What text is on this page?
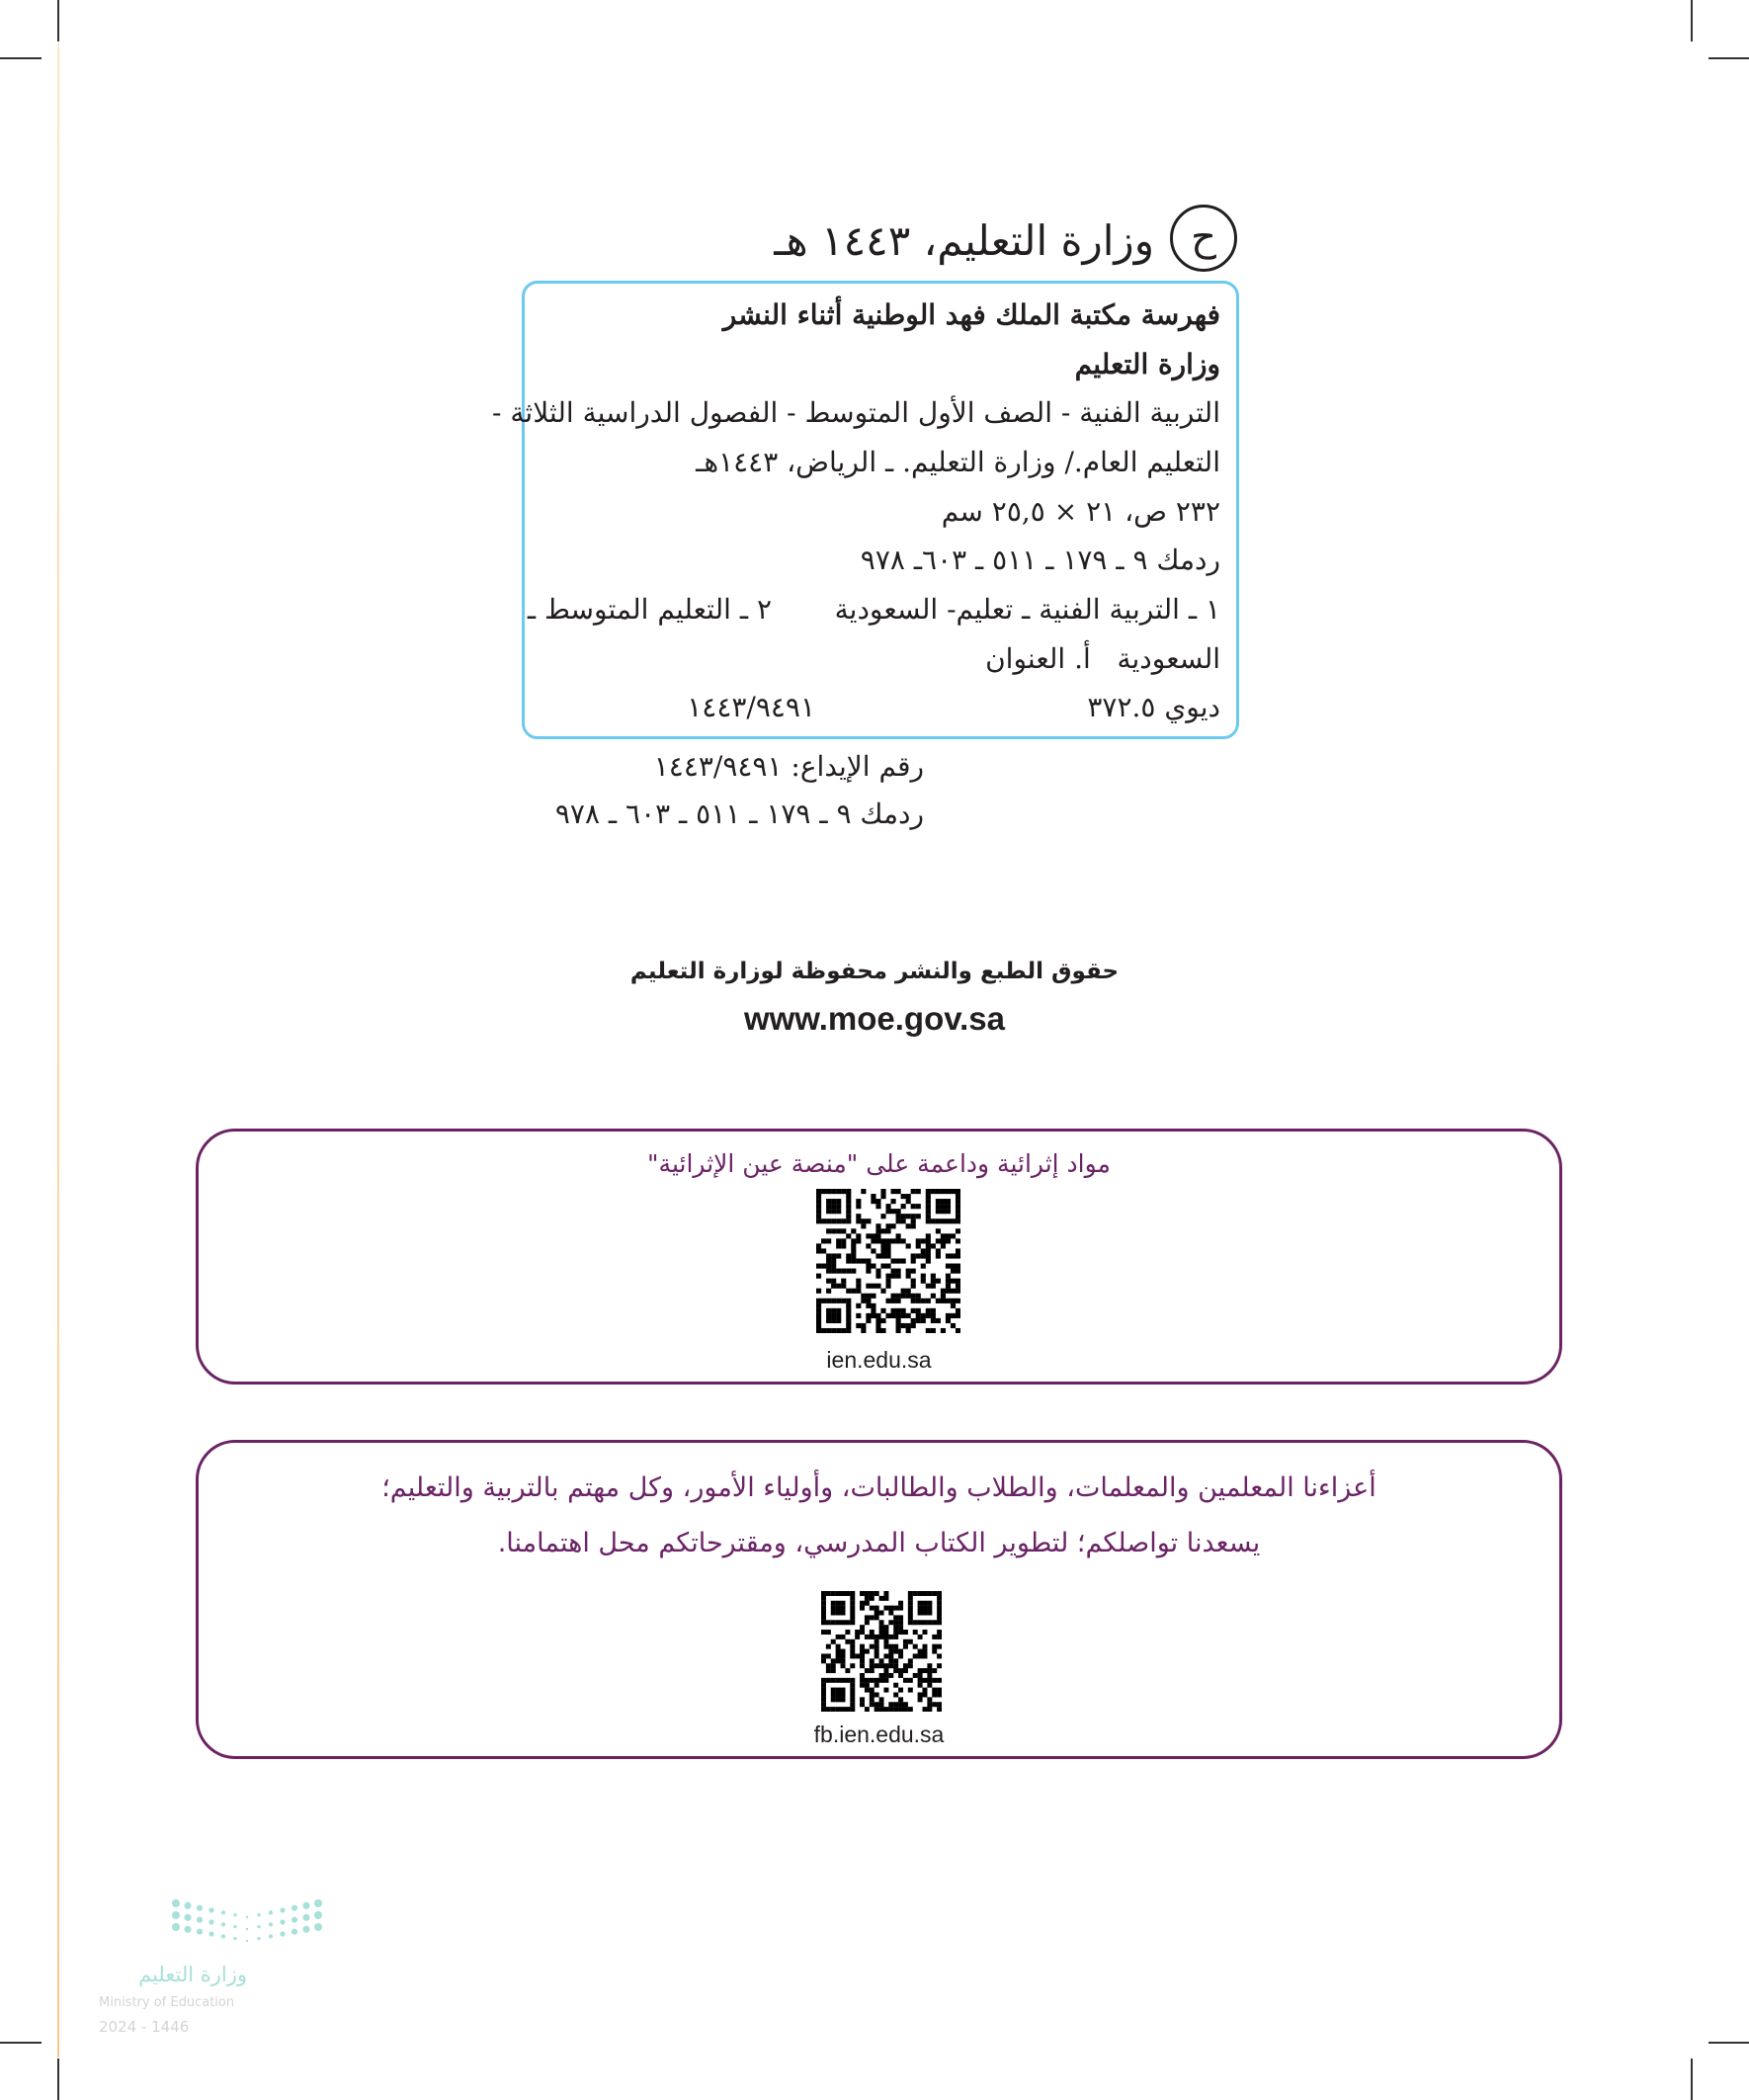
ح
وزارة التعليم، ١٤٤٣ هـ
فهرسة مكتبة الملك فهد الوطنية أثناء النشر
وزارة التعليم
التربية الفنية - الصف الأول المتوسط - الفصول الدراسية الثلاثة -
التعليم العام./ وزارة التعليم. ـ الرياض، ١٤٤٣هـ
٢٣٢ ص، ٢١ × ٢٥,٥ سم
ردمك ٩ ـ ١٧٩ ـ ٥١١ ـ ٦٠٣ـ ٩٧٨
١ ـ التربية الفنية ـ تعليم- السعودية
٢ ـ التعليم المتوسط ـ
السعودية   أ. العنوان
ديوي ٣٧٢.٥
١٤٤٣/٩٤٩١
رقم الإيداع: ١٤٤٣/٩٤٩١
ردمك ٩ ـ ١٧٩ ـ ٥١١ ـ ٦٠٣ ـ ٩٧٨
حقوق الطبع والنشر محفوظة لوزارة التعليم
www.moe.gov.sa
مواد إثرائية وداعمة على "منصة عين الإثرائية"
ien.edu.sa
أعزاءنا المعلمين والمعلمات، والطلاب والطالبات، وأولياء الأمور، وكل مهتم بالتربية والتعليم؛
يسعدنا تواصلكم؛ لتطوير الكتاب المدرسي، ومقترحاتكم محل اهتمامنا.
fb.ien.edu.sa
وزارة التعليم
Ministry of Education
2024 - 1446
